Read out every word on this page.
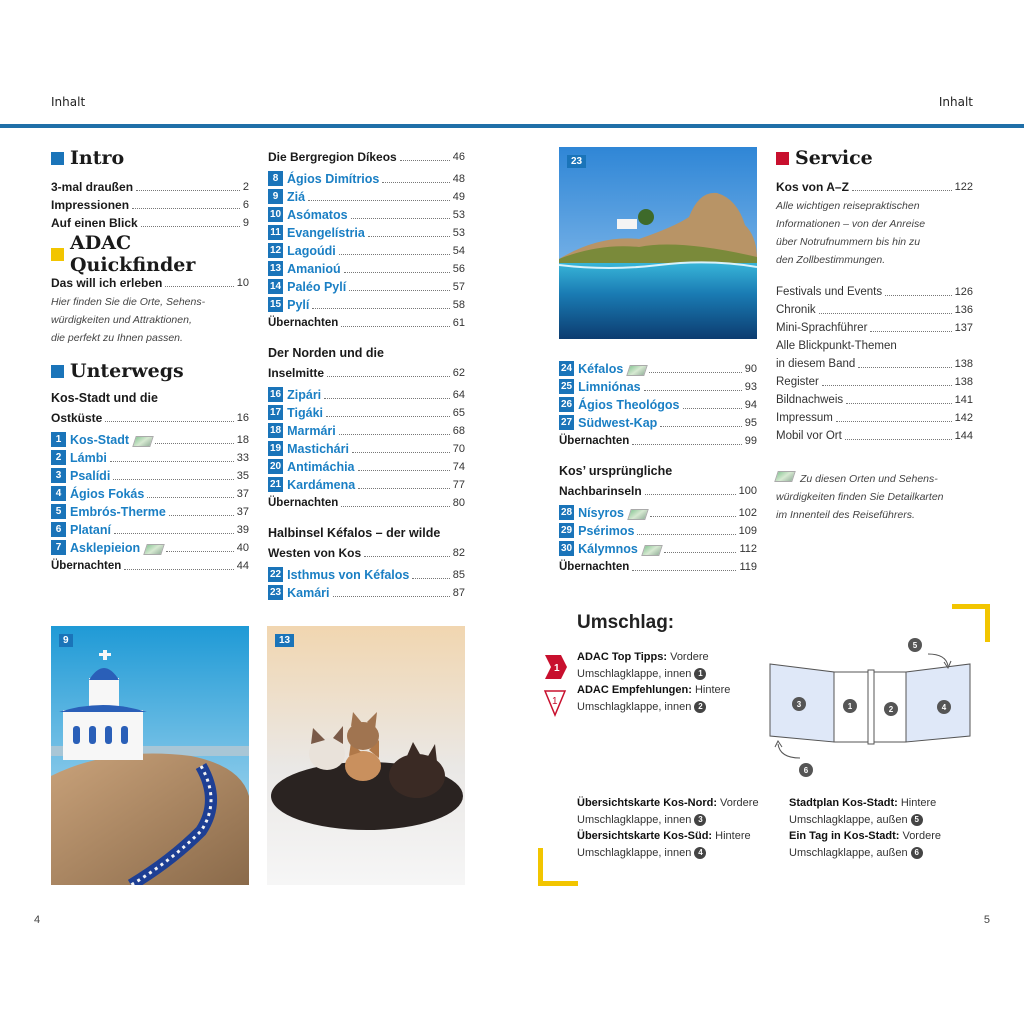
Inhalt	Inhalt
Intro
3-mal draußen	2
Impressionen	6
Auf einen Blick	9
ADAC Quickfinder
Das will ich erleben	10
Hier finden Sie die Orte, Sehens-
würdigkeiten und Attraktionen,
die perfekt zu Ihnen passen.
Unterwegs
Kos-Stadt und die
Ostküste	16
1 Kos-Stadt	18
2 Lámbi	33
3 Psalídi	35
4 Ágios Fokás	37
5 Embrós-Therme	37
6 Plataní	39
7 Asklepieion	40
Übernachten	44
Die Bergregion Díkeos	46
8 Ágios Dimítrios	48
9 Ziá	49
10 Asómatos	53
11 Evangelístria	53
12 Lagoúdi	54
13 Amanioú	56
14 Paléo Pylí	57
15 Pylí	58
Übernachten	61
Der Norden und die
Inselmitte	62
16 Zipári	64
17 Tigáki	65
18 Marmári	68
19 Mastichári	70
20 Antimáchia	74
21 Kardámena	77
Übernachten	80
Halbinsel Kéfalos – der wilde
Westen von Kos	82
22 Isthmus von Kéfalos	85
23 Kamári	87
23
24 Kéfalos	90
25 Limniónas	93
26 Ágios Theológos	94
27 Südwest-Kap	95
Übernachten	99
Kos’ ursprüngliche
Nachbarinseln	100
28 Nísyros	102
29 Psérimos	109
30 Kálymnos	112
Übernachten	119
Service
Kos von A–Z	122
Alle wichtigen reisepraktischen
Informationen – von der Anreise
über Notrufnummern bis hin zu
den Zollbestimmungen.
Festivals und Events	126
Chronik	136
Mini-Sprachführer	137
Alle Blickpunkt-Themen
in diesem Band	138
Register	138
Bildnachweis	141
Impressum	142
Mobil vor Ort	144
Zu diesen Orten und Sehens-
würdigkeiten finden Sie Detailkarten
im Innenteil des Reiseführers.
9	13
Umschlag:
1
1
ADAC Top Tipps: Vordere
Umschlagklappe, innen 1
ADAC Empfehlungen: Hintere
Umschlagklappe, innen 2
5
3	1	2	4
6
Übersichtskarte Kos-Nord: Vordere
Umschlagklappe, innen 3
Übersichtskarte Kos-Süd: Hintere
Umschlagklappe, innen 4
Stadtplan Kos-Stadt: Hintere
Umschlagklappe, außen 5
Ein Tag in Kos-Stadt: Vordere
Umschlagklappe, außen 6
4	5
